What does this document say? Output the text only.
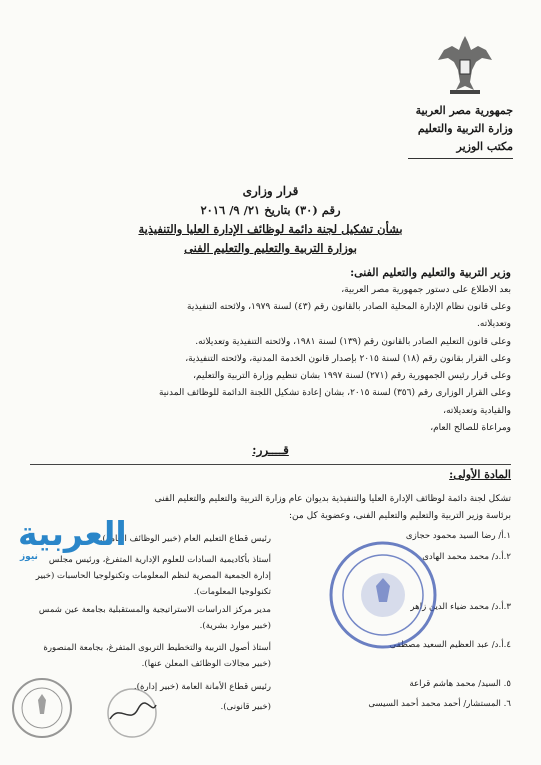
جمهورية مصر العربية
وزارة التربية والتعليم
مكتب الوزير
قرار وزارى
رقم (٣٠) بتاريخ ٢١/ ٩/ ٢٠١٦
بشأن تشكيل لجنة دائمة لوظائف الإدارة العليا والتنفيذية
بوزارة التربية والتعليم والتعليم الفنى
وزير التربية والتعليم والتعليم الفنى:
بعد الاطلاع على دستور جمهورية مصر العربية،
وعلى قانون نظام الإدارة المحلية الصادر بالقانون رقم (٤٣) لسنة ١٩٧٩، ولائحته التنفيذية
وتعديلاته.
وعلى قانون التعليم الصادر بالقانون رقم (١٣٩) لسنة ١٩٨١، ولائحته التنفيذية وتعديلاته.
وعلى القرار بقانون رقم (١٨) لسنة ٢٠١٥ بإصدار قانون الخدمة المدنية، ولائحته التنفيذية،
وعلى قرار رئيس الجمهورية رقم (٢٧١) لسنة ١٩٩٧ بشأن تنظيم وزارة التربية والتعليم،
وعلى القرار الوزارى رقم (٣٥٦) لسنة ٢٠١٥، بشأن إعادة تشكيل اللجنة الدائمة للوظائف المدنية
والقيادية وتعديلاته،
ومراعاة للصالح العام،
قــــرر:
المادة الأولى:
تشكل لجنة دائمة لوظائف الإدارة العليا والتنفيذية بديوان عام وزارة التربية والتعليم والتعليم الفنى
برئاسة وزير التربية والتعليم والتعليم الفنى، وعضوية كل من:
١.أ/ رضا السيد محمود حجازى
رئيس قطاع التعليم العام (خبير الوظائف العامة).
٢.أ.د/ محمد محمد الهادى
أستاذ بأكاديمية السادات للعلوم الإدارية المتفرغ، ورئيس مجلس إدارة الجمعية المصرية لنظم المعلومات وتكنولوجيا الحاسبات (خبير تكنولوجيا المعلومات).
٣.أ.د/ محمد ضياء الدين زاهر
مدير مركز الدراسات الاستراتيجية والمستقبلية بجامعة عين شمس (خبير موارد بشرية).
٤.أ.د/ عبد العظيم السعيد مصطفى
أستاذ أصول التربية والتخطيط التربوى المتفرغ، بجامعة المنصورة (خبير مجالات الوظائف المعلن عنها).
٥. السيد/ محمد هاشم قراعة
رئيس قطاع الأمانة العامة (خبير إدارة).
٦. المستشار/ أحمد محمد أحمد السيسى
(خبير قانونى).
العربية
نيوز
